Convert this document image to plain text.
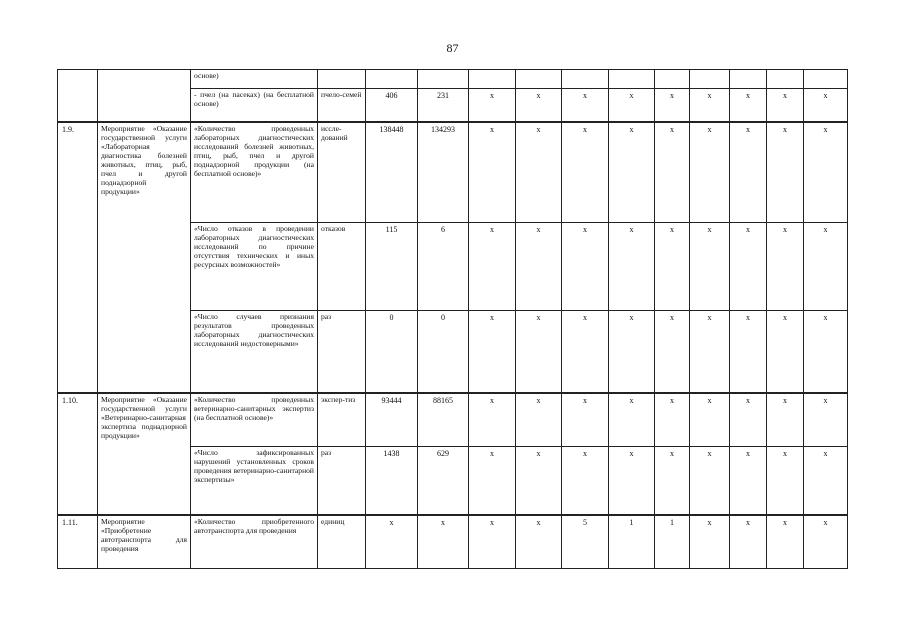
87
		основе)												
		- пчел (на пасеках) (на бесплатной основе)	пчело-семей	406	231	х	х	х	х	х	х	х	х	х
1.9.	Мероприятие «Оказание государственной услуги «Лабораторная диагностика болезней животных, птиц, рыб, пчел и другой поднадзорной продукции»	«Количество проведенных лабораторных диагностических исследований болезней животных, птиц, рыб, пчел и другой поднадзорной продукции (на бесплатной основе)»	иссле-дований	138448	134293	х	х	х	х	х	х	х	х	х
		«Число отказов в проведении лабораторных диагностических исследований по причине отсутствия технических и иных ресурсных возможностей»	отказов	115	6	х	х	х	х	х	х	х	х	х
		«Число случаев признания результатов проведенных лабораторных диагностических исследований недостоверными»	раз	0	0	х	х	х	х	х	х	х	х	х
1.10.	Мероприятие «Оказание государственной услуги «Ветеринарно-санитарная экспертиза поднадзорной продукции»	«Количество проведенных ветеринарно-санитарных экспертиз (на бесплатной основе)»	экспер-тиз	93444	88165	х	х	х	х	х	х	х	х	х
		«Число зафиксированных нарушений установленных сроков проведения ветеринарно-санитарной экспертизы»	раз	1438	629	х	х	х	х	х	х	х	х	х
1.11.	Мероприятие «Приобретение автотранспорта для проведения	«Количество приобретенного автотранспорта для проведения	единиц	х	х	х	х	5	1	1	х	х	х	х
